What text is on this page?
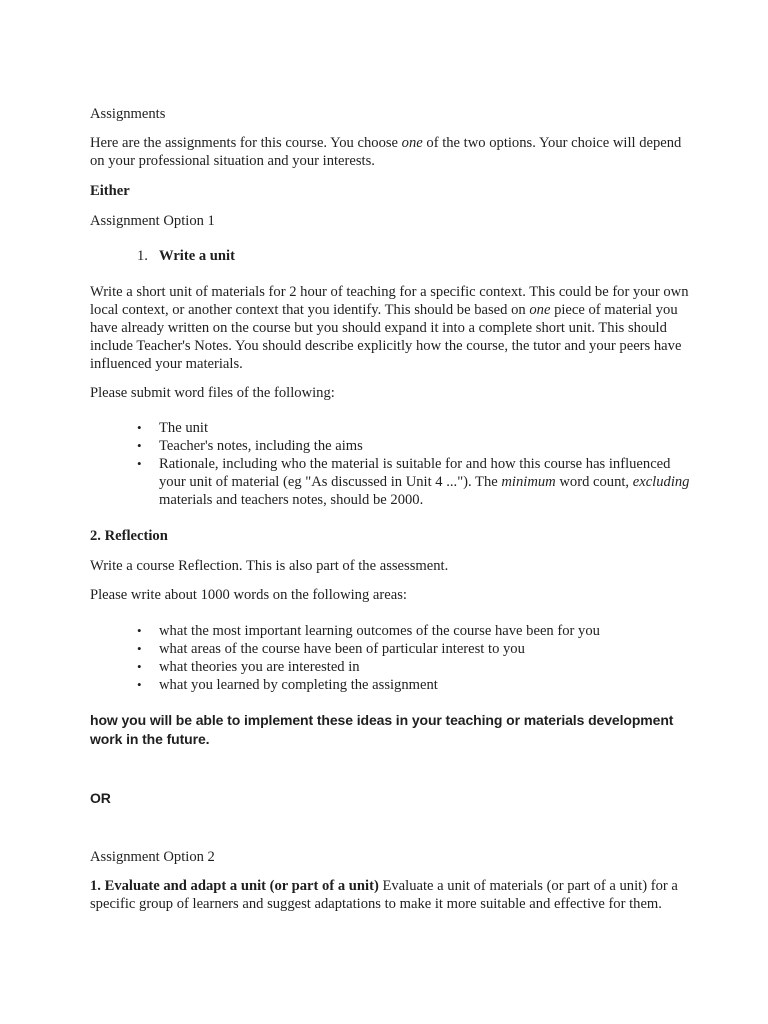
Assignments

Here are the assignments for this course. You choose one of the two options. Your choice will depend on your professional situation and your interests.

Either

Assignment Option 1

1. Write a unit

Write a short unit of materials for 2 hour of teaching for a specific context. This could be for your own local context, or another context that you identify. This should be based on one piece of material you have already written on the course but you should expand it into a complete short unit. This should include Teacher's Notes. You should describe explicitly how the course, the tutor and your peers have influenced your materials.

Please submit word files of the following:

• The unit
• Teacher's notes, including the aims
• Rationale, including who the material is suitable for and how this course has influenced your unit of material (eg "As discussed in Unit 4 ..."). The minimum word count, excluding materials and teachers notes, should be 2000.

2. Reflection

Write a course Reflection. This is also part of the assessment.

Please write about 1000 words on the following areas:

• what the most important learning outcomes of the course have been for you
• what areas of the course have been of particular interest to you
• what theories you are interested in
• what you learned by completing the assignment

how you will be able to implement these ideas in your teaching or materials development work in the future.

OR

Assignment Option 2

1. Evaluate and adapt a unit (or part of a unit) Evaluate a unit of materials (or part of a unit) for a specific group of learners and suggest adaptations to make it more suitable and effective for them.
